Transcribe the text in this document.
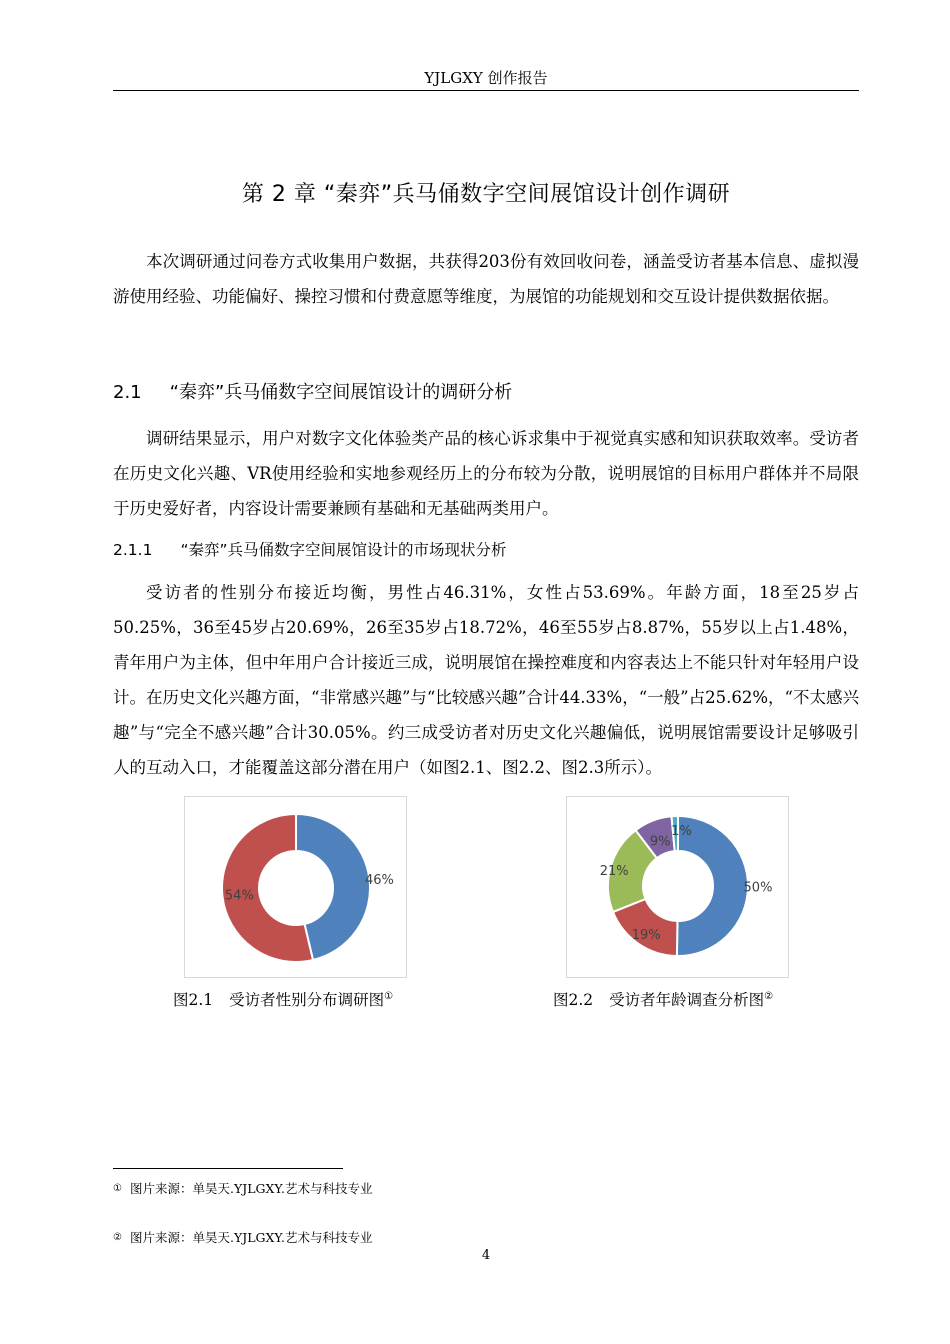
YJLGXY 创作报告
第 2 章 “秦弈”兵马俑数字空间展馆设计创作调研

本次调研通过问卷方式收集用户数据，共获得203份有效回收问卷，涵盖受访者基本信息、虚拟漫游使用经验、功能偏好、操控习惯和付费意愿等维度，为展馆的功能规划和交互设计提供数据依据。

2.1 “秦弈”兵马俑数字空间展馆设计的调研分析

调研结果显示，用户对数字文化体验类产品的核心诉求集中于视觉真实感和知识获取效率。受访者在历史文化兴趣、VR使用经验和实地参观经历上的分布较为分散，说明展馆的目标用户群体并不局限于历史爱好者，内容设计需要兼顾有基础和无基础两类用户。

2.1.1 “秦弈”兵马俑数字空间展馆设计的市场现状分析

受访者的性别分布接近均衡，男性占46.31%，女性占53.69%。年龄方面，18至25岁占50.25%，36至45岁占20.69%，26至35岁占18.72%，46至55岁占8.87%，55岁以上占1.48%，青年用户为主体，但中年用户合计接近三成，说明展馆在操控难度和内容表达上不能只针对年轻用户设计。在历史文化兴趣方面，“非常感兴趣”与“比较感兴趣”合计44.33%，“一般”占25.62%，“不太感兴趣”与“完全不感兴趣”合计30.05%。约三成受访者对历史文化兴趣偏低，说明展馆需要设计足够吸引人的互动入口，才能覆盖这部分潜在用户（如图2.1、图2.2、图2.3所示）。

46%
54%
图2.1 受访者性别分布调研图①
50%
19%
21%
9%
1%
图2.2 受访者年龄调查分析图②
① 图片来源：单昊天.YJLGXY.艺术与科技专业
② 图片来源：单昊天.YJLGXY.艺术与科技专业
4
